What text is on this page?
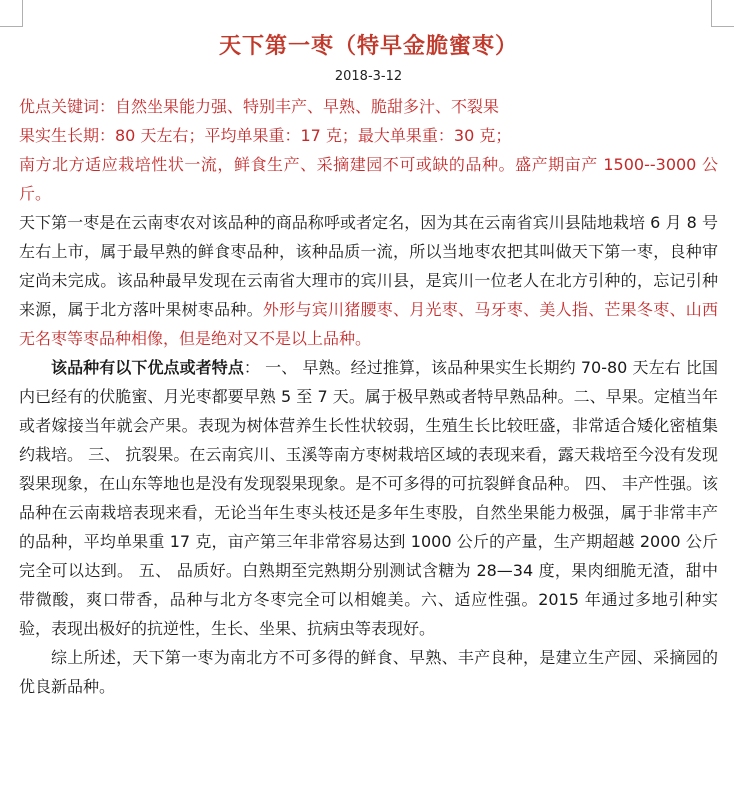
天下第一枣（特早金脆蜜枣）
2018-3-12

优点关键词：自然坐果能力强、特别丰产、早熟、脆甜多汁、不裂果

果实生长期：80 天左右；平均单果重：17 克；最大单果重：30 克；

南方北方适应栽培性状一流，鲜食生产、采摘建园不可或缺的品种。盛产期亩产 1500--3000 公斤。

天下第一枣是在云南枣农对该品种的商品称呼或者定名，因为其在云南省宾川县陆地栽培 6 月 8 号左右上市，属于最早熟的鲜食枣品种，该种品质一流，所以当地枣农把其叫做天下第一枣，良种审定尚未完成。该品种最早发现在云南省大理市的宾川县，是宾川一位老人在北方引种的，忘记引种来源，属于北方落叶果树枣品种。外形与宾川猪腰枣、月光枣、马牙枣、美人指、芒果冬枣、山西无名枣等枣品种相像，但是绝对又不是以上品种。

该品种有以下优点或者特点： 一、 早熟。经过推算，该品种果实生长期约 70-80 天左右 比国内已经有的伏脆蜜、月光枣都要早熟 5 至 7 天。属于极早熟或者特早熟品种。二、早果。定植当年或者嫁接当年就会产果。表现为树体营养生长性状较弱，生殖生长比较旺盛，非常适合矮化密植集约栽培。 三、 抗裂果。在云南宾川、玉溪等南方枣树栽培区域的表现来看，露天栽培至今没有发现裂果现象，在山东等地也是没有发现裂果现象。是不可多得的可抗裂鲜食品种。 四、 丰产性强。该品种在云南栽培表现来看，无论当年生枣头枝还是多年生枣股，自然坐果能力极强，属于非常丰产的品种，平均单果重 17 克，亩产第三年非常容易达到 1000 公斤的产量，生产期超越 2000 公斤完全可以达到。 五、 品质好。白熟期至完熟期分别测试含糖为 28—34 度，果肉细脆无渣，甜中带微酸，爽口带香，品种与北方冬枣完全可以相媲美。六、适应性强。2015 年通过多地引种实验，表现出极好的抗逆性，生长、坐果、抗病虫等表现好。

综上所述，天下第一枣为南北方不可多得的鲜食、早熟、丰产良种，是建立生产园、采摘园的优良新品种。
